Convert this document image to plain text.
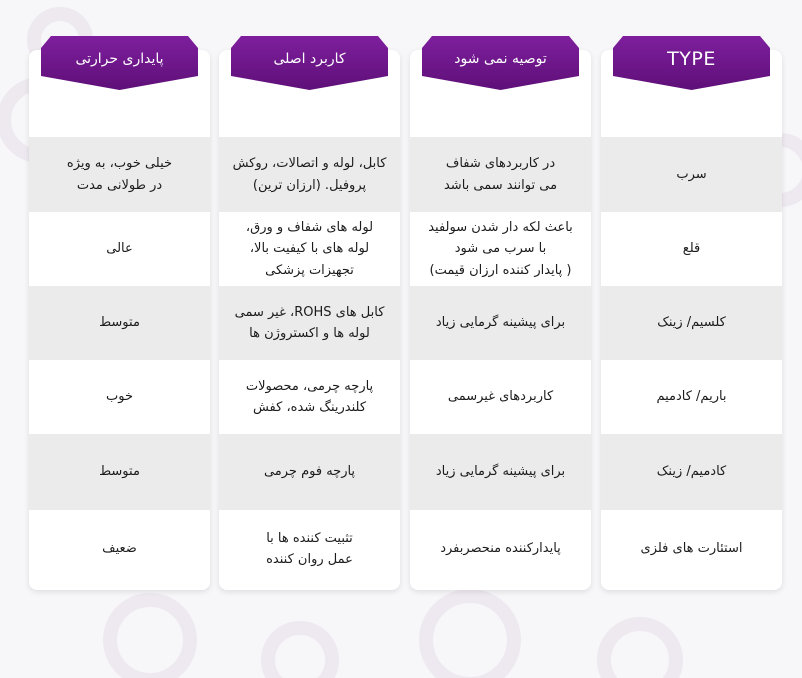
سرب
قلع
کلسیم/ زینک
باریم/ کادمیم
کادمیم/ زینک
استئارت های فلزی
TYPE
در کاربردهای شفاف
می توانند سمی باشد
باعث لکه دار شدن سولفید
با سرب می شود
( پایدار کننده ارزان قیمت)
برای پیشینه گرمایی زیاد
کاربردهای غیرسمی
برای پیشینه گرمایی زیاد
پایدارکننده منحصربفرد
توصیه نمی شود
کابل، لوله و اتصالات، روکش
پروفیل. (ارزان ترین)
لوله های شفاف و ورق،
لوله های با کیفیت بالا،
تجهیزات پزشکی
کابل های ROHS، غیر سمی
لوله ها و اکستروژن ها
پارچه چرمی، محصولات
کلندرینگ شده، کفش
پارچه فوم چرمی
تثبیت کننده ها با
عمل روان کننده
کاربرد اصلی
خیلی خوب، به ویژه
در طولانی مدت
عالی
متوسط
خوب
متوسط
ضعیف
پایداری حرارتی
